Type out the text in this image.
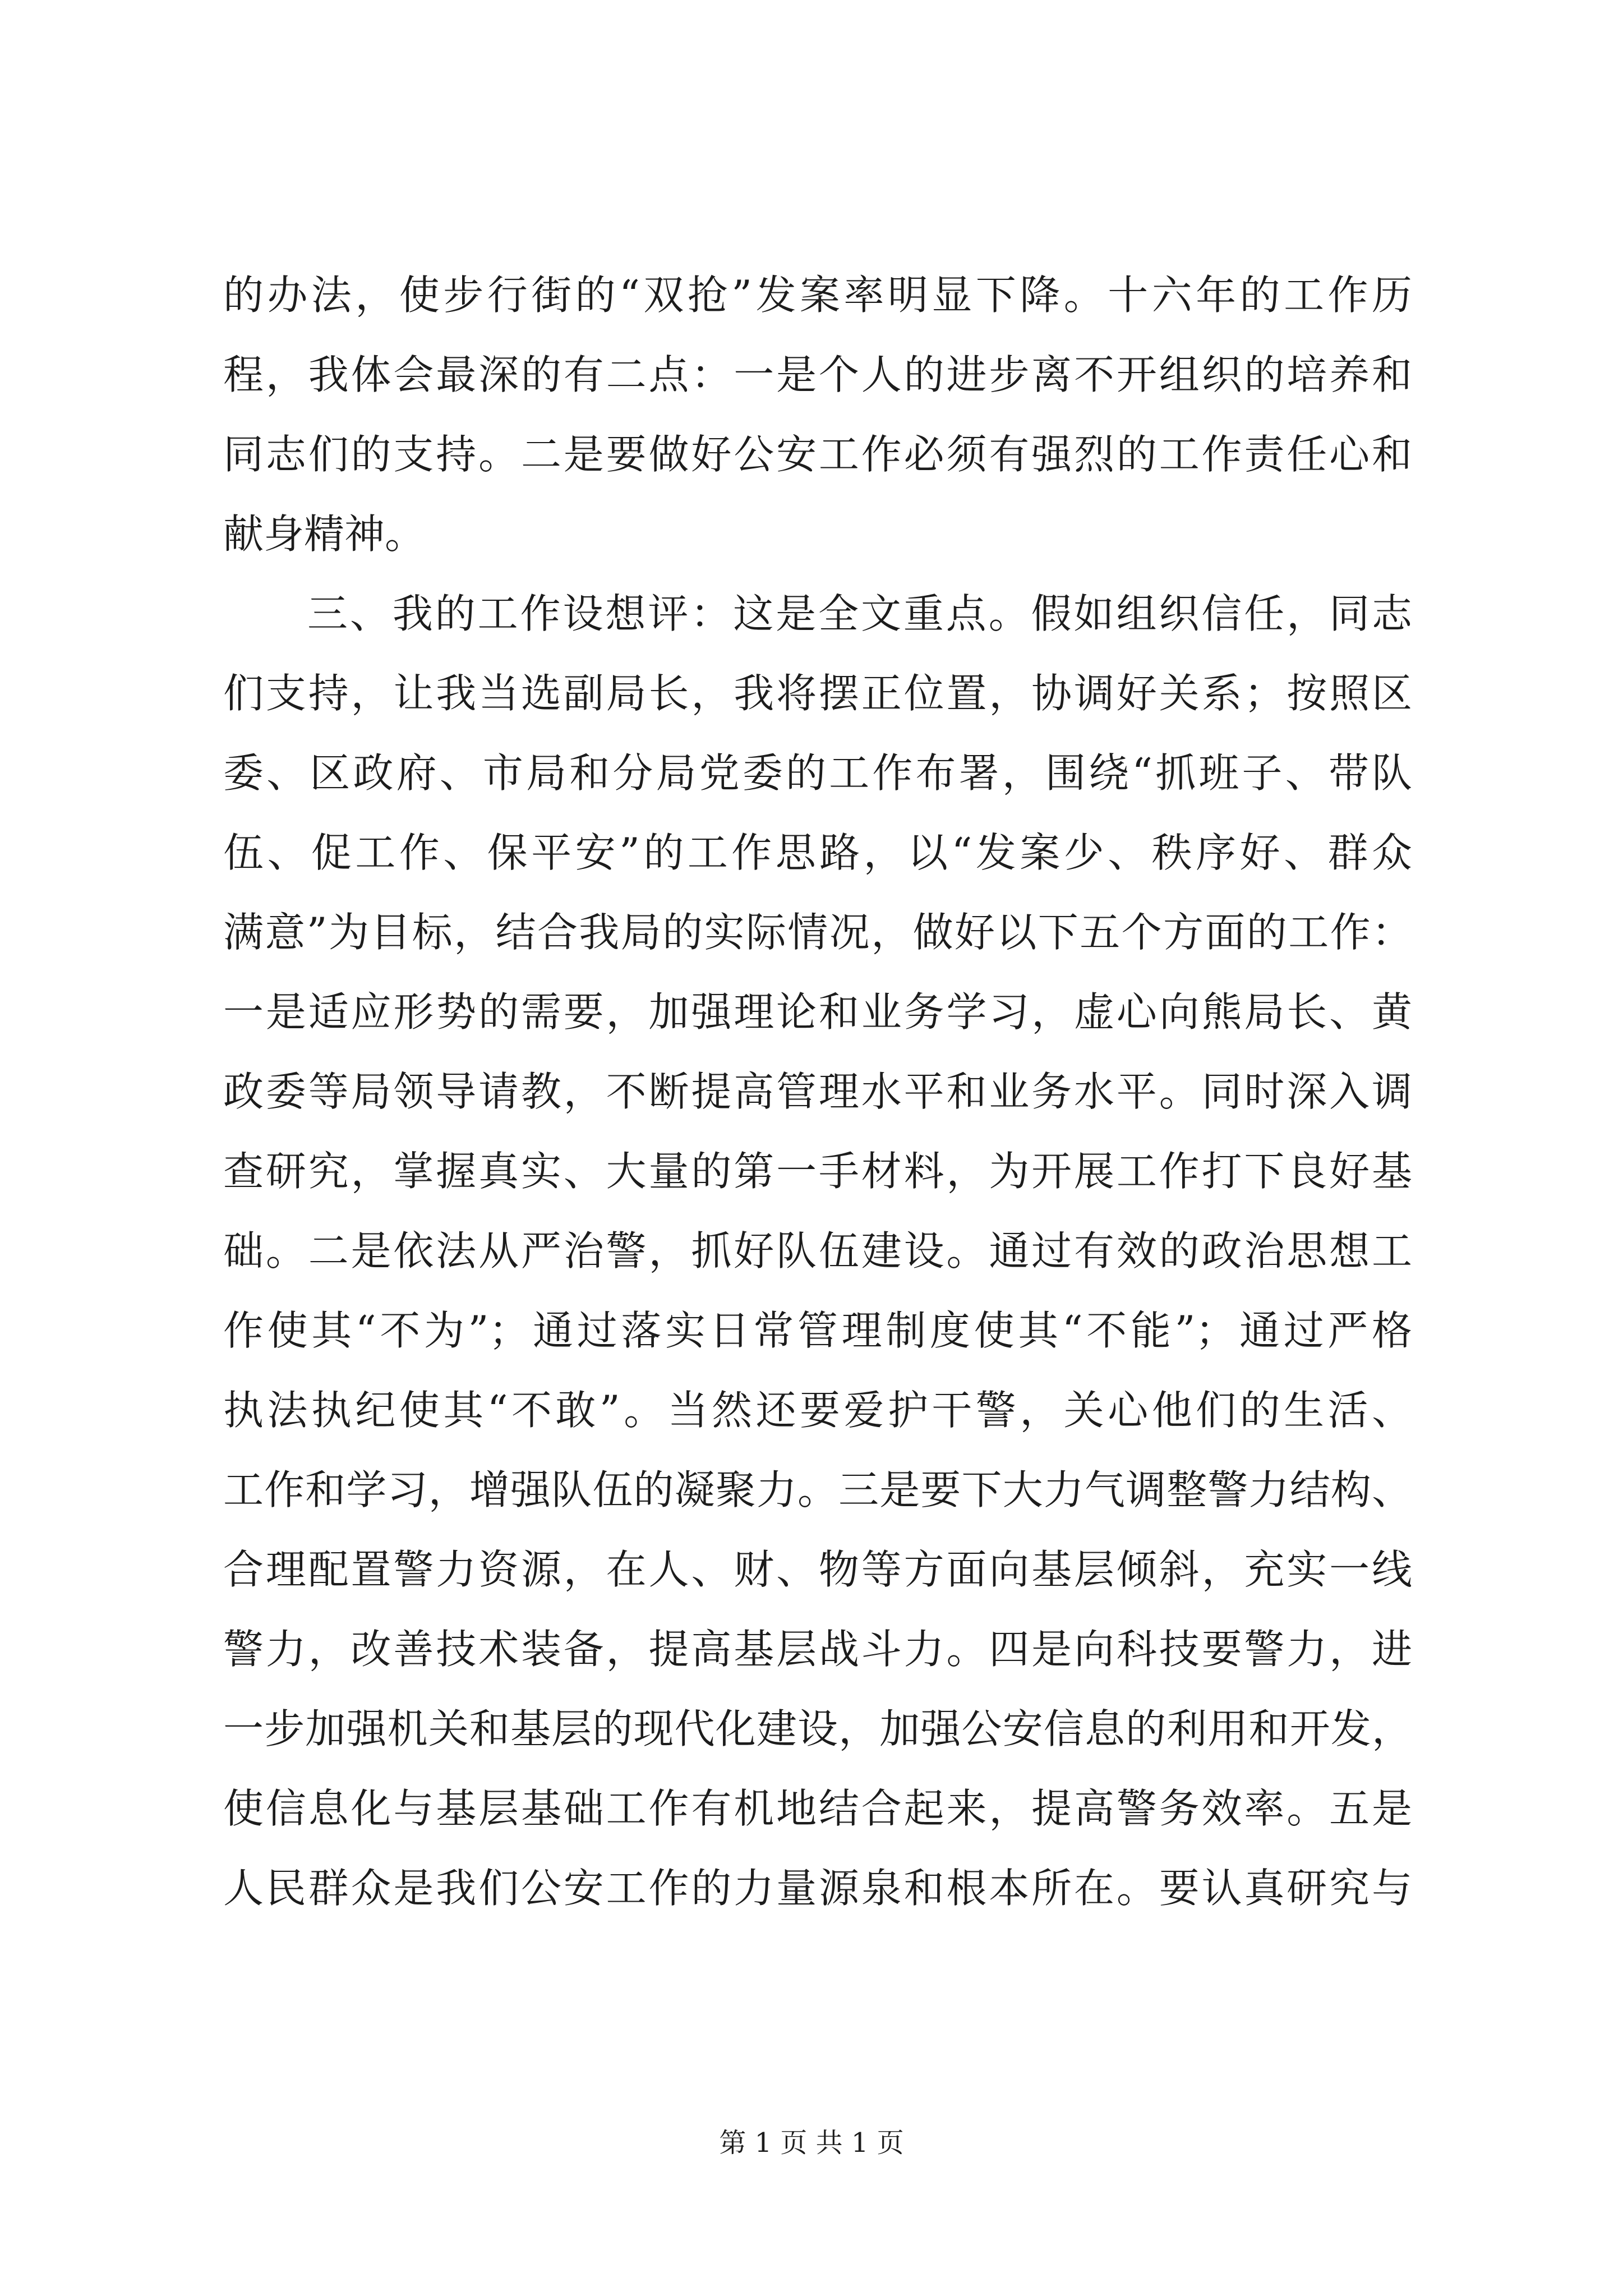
的办法，使步行街的“双抢”发案率明显下降。十六年的工作历
程，我体会最深的有二点：一是个人的进步离不开组织的培养和
同志们的支持。二是要做好公安工作必须有强烈的工作责任心和
献身精神。
三、我的工作设想评：这是全文重点。假如组织信任，同志
们支持，让我当选副局长，我将摆正位置，协调好关系；按照区
委、区政府、市局和分局党委的工作布署，围绕“抓班子、带队
伍、促工作、保平安”的工作思路，以“发案少、秩序好、群众
满意”为目标，结合我局的实际情况，做好以下五个方面的工作：
一是适应形势的需要，加强理论和业务学习，虚心向熊局长、黄
政委等局领导请教，不断提高管理水平和业务水平。同时深入调
查研究，掌握真实、大量的第一手材料，为开展工作打下良好基
础。二是依法从严治警，抓好队伍建设。通过有效的政治思想工
作使其“不为”；通过落实日常管理制度使其“不能”；通过严格
执法执纪使其“不敢”。当然还要爱护干警，关心他们的生活、
工作和学习，增强队伍的凝聚力。三是要下大力气调整警力结构、
合理配置警力资源，在人、财、物等方面向基层倾斜，充实一线
警力，改善技术装备，提高基层战斗力。四是向科技要警力，进
一步加强机关和基层的现代化建设，加强公安信息的利用和开发，
使信息化与基层基础工作有机地结合起来，提高警务效率。五是
人民群众是我们公安工作的力量源泉和根本所在。要认真研究与
第 1 页 共 1 页
